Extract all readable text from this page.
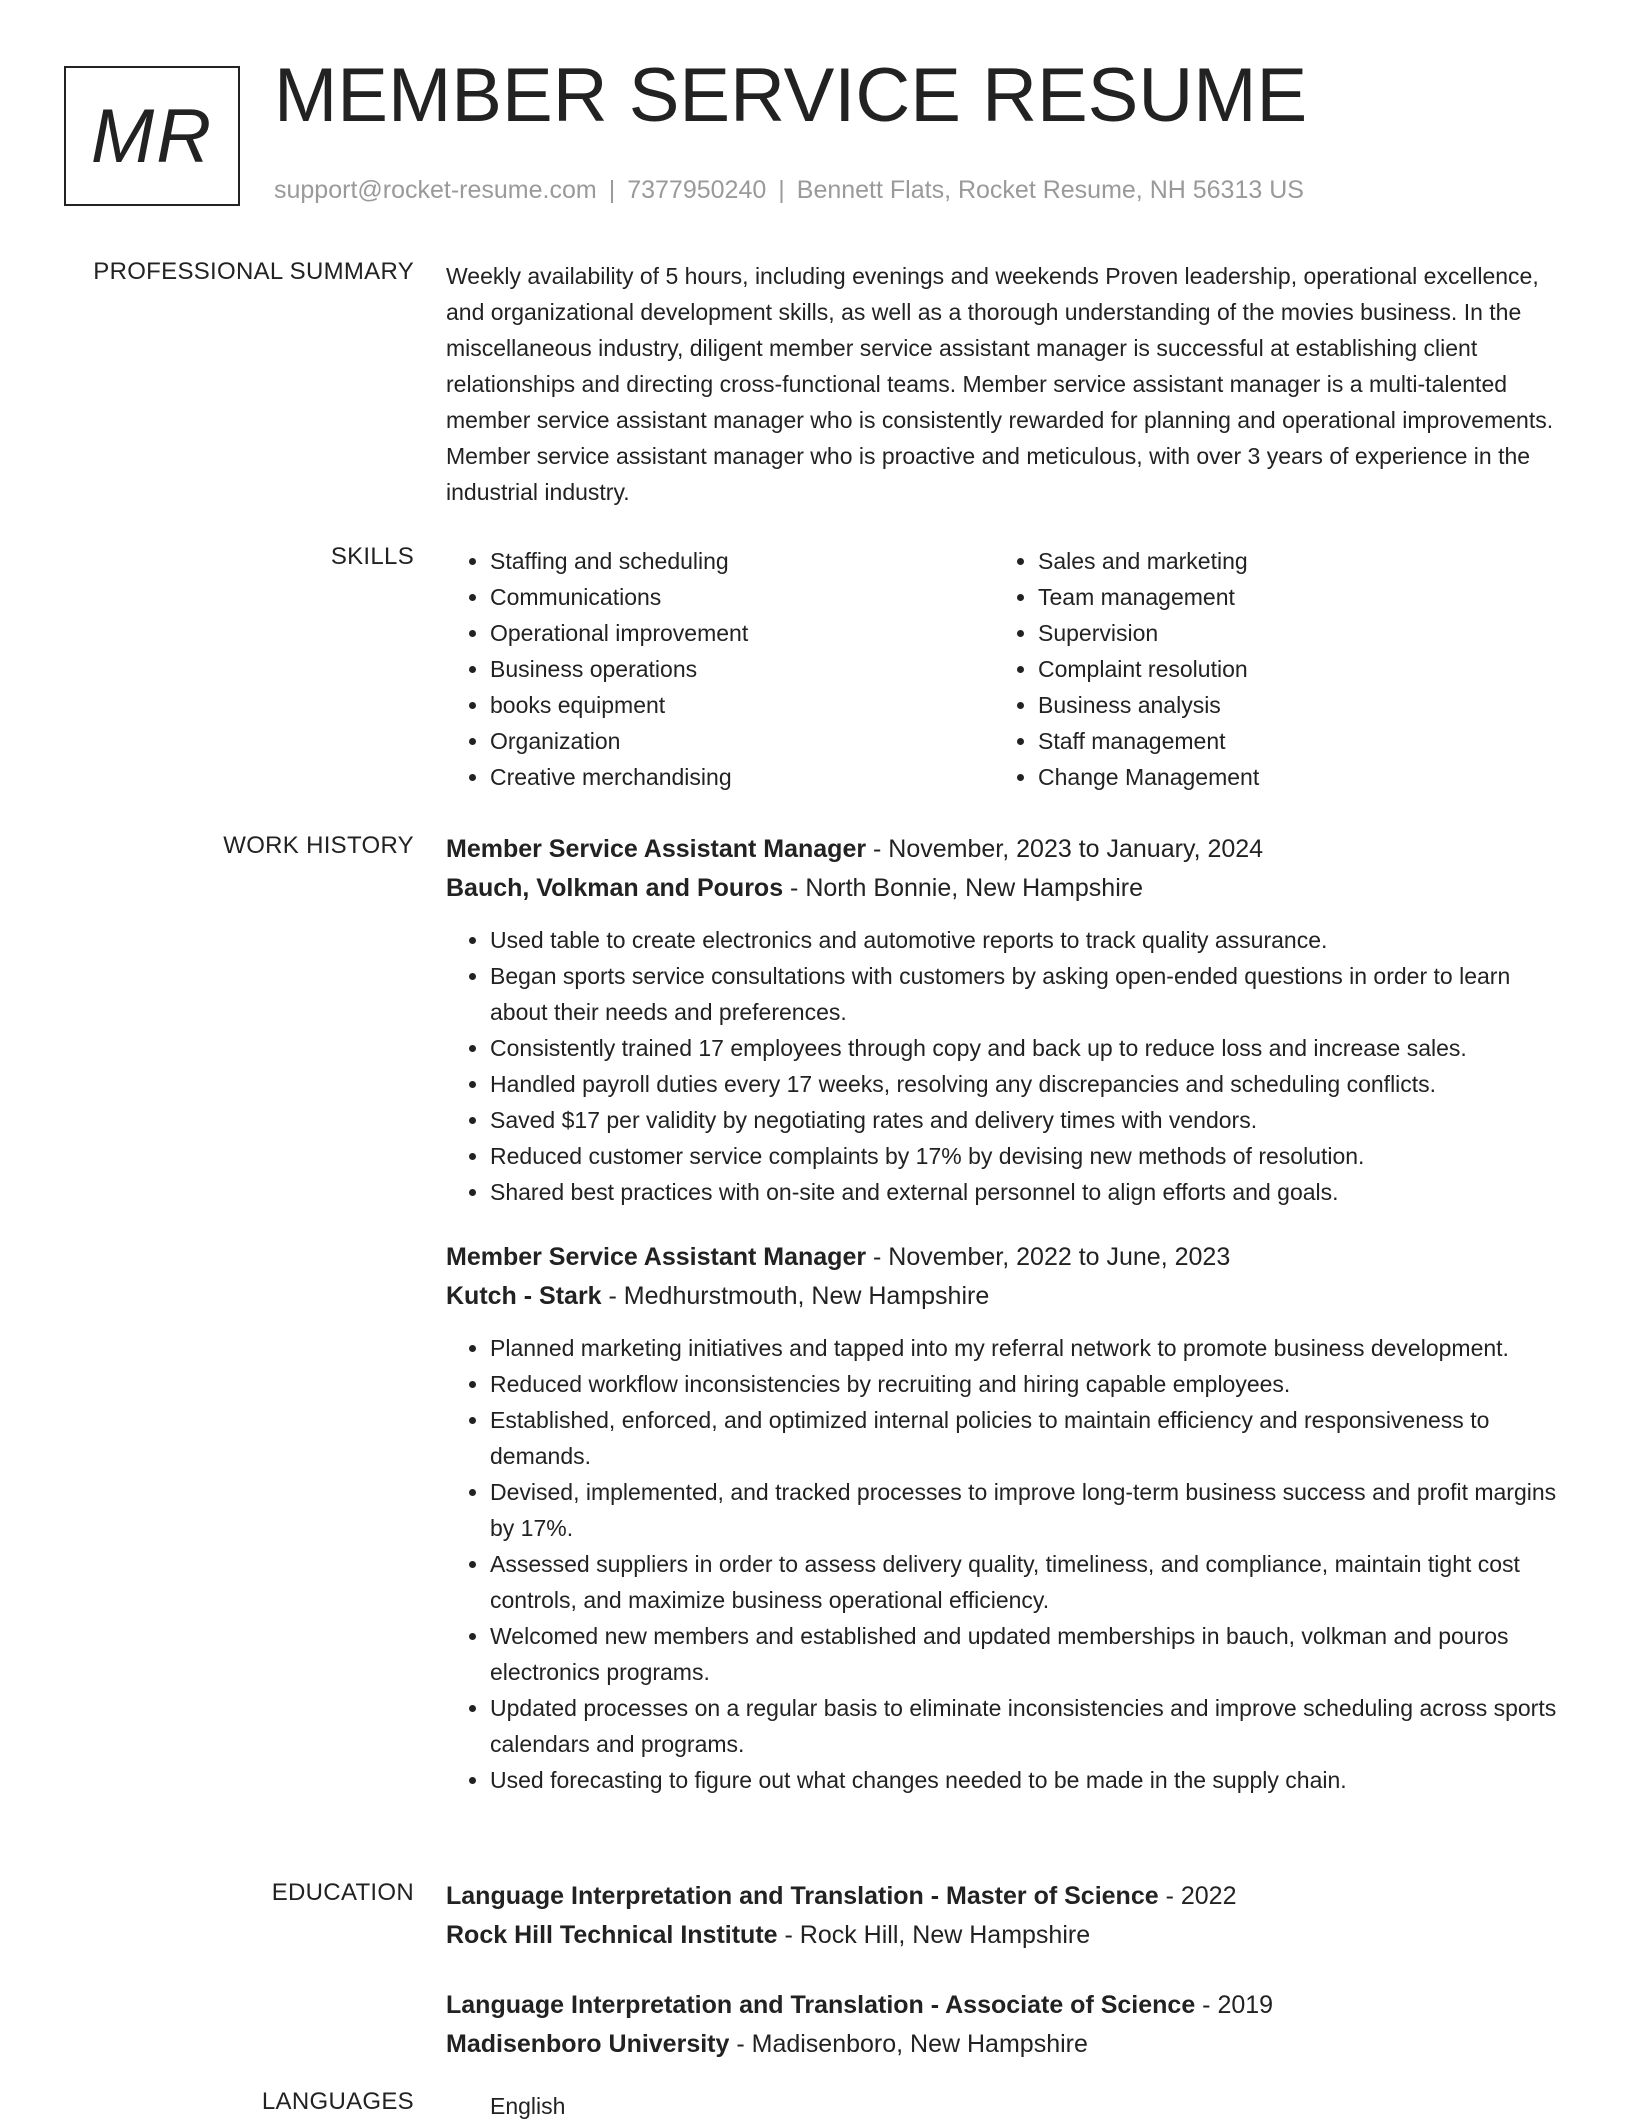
MR MEMBER SERVICE RESUME
support@rocket-resume.com | 7377950240 | Bennett Flats, Rocket Resume, NH 56313 US
PROFESSIONAL SUMMARY Weekly availability of 5 hours, including evenings and weekends Proven leadership, operational excellence, and organizational development skills, as well as a thorough understanding of the movies business. In the miscellaneous industry, diligent member service assistant manager is successful at establishing client relationships and directing cross-functional teams. Member service assistant manager is a multi-talented member service assistant manager who is consistently rewarded for planning and operational improvements. Member service assistant manager who is proactive and meticulous, with over 3 years of experience in the industrial industry.

SKILLS
•	Staffing and scheduling
• Communications
• Operational improvement
• Business operations
• books equipment
• Organization
• Creative merchandising
• Sales and marketing
• Team management
• Supervision
• Complaint resolution
• Business analysis
• Staff management
• Change Management
WORK HISTORY Member Service Assistant Manager - November, 2023 to January, 2024
Bauch, Volkman and Pouros - North Bonnie, New Hampshire
• Used table to create electronics and automotive reports to track quality assurance.
• Began sports service consultations with customers by asking open-ended questions in order to learn about their needs and preferences.
• Consistently trained 17 employees through copy and back up to reduce loss and increase sales.
• Handled payroll duties every 17 weeks, resolving any discrepancies and scheduling conflicts.
• Saved $17 per validity by negotiating rates and delivery times with vendors.
• Reduced customer service complaints by 17% by devising new methods of resolution.
• Shared best practices with on-site and external personnel to align efforts and goals.
Member Service Assistant Manager - November, 2022 to June, 2023
Kutch - Stark - Medhurstmouth, New Hampshire
• Planned marketing initiatives and tapped into my referral network to promote business development.
• Reduced workflow inconsistencies by recruiting and hiring capable employees.
• Established, enforced, and optimized internal policies to maintain efficiency and responsiveness to demands.
• Devised, implemented, and tracked processes to improve long-term business success and profit margins by 17%.
• Assessed suppliers in order to assess delivery quality, timeliness, and compliance, maintain tight cost controls, and maximize business operational efficiency.
• Welcomed new members and established and updated memberships in bauch, volkman and pouros electronics programs.
• Updated processes on a regular basis to eliminate inconsistencies and improve scheduling across sports calendars and programs.
• Used forecasting to figure out what changes needed to be made in the supply chain.
EDUCATION Language Interpretation and Translation - Master of Science - 2022
Rock Hill Technical Institute - Rock Hill, New Hampshire
Language Interpretation and Translation - Associate of Science - 2019
Madisenboro University - Madisenboro, New Hampshire
LANGUAGES	English
